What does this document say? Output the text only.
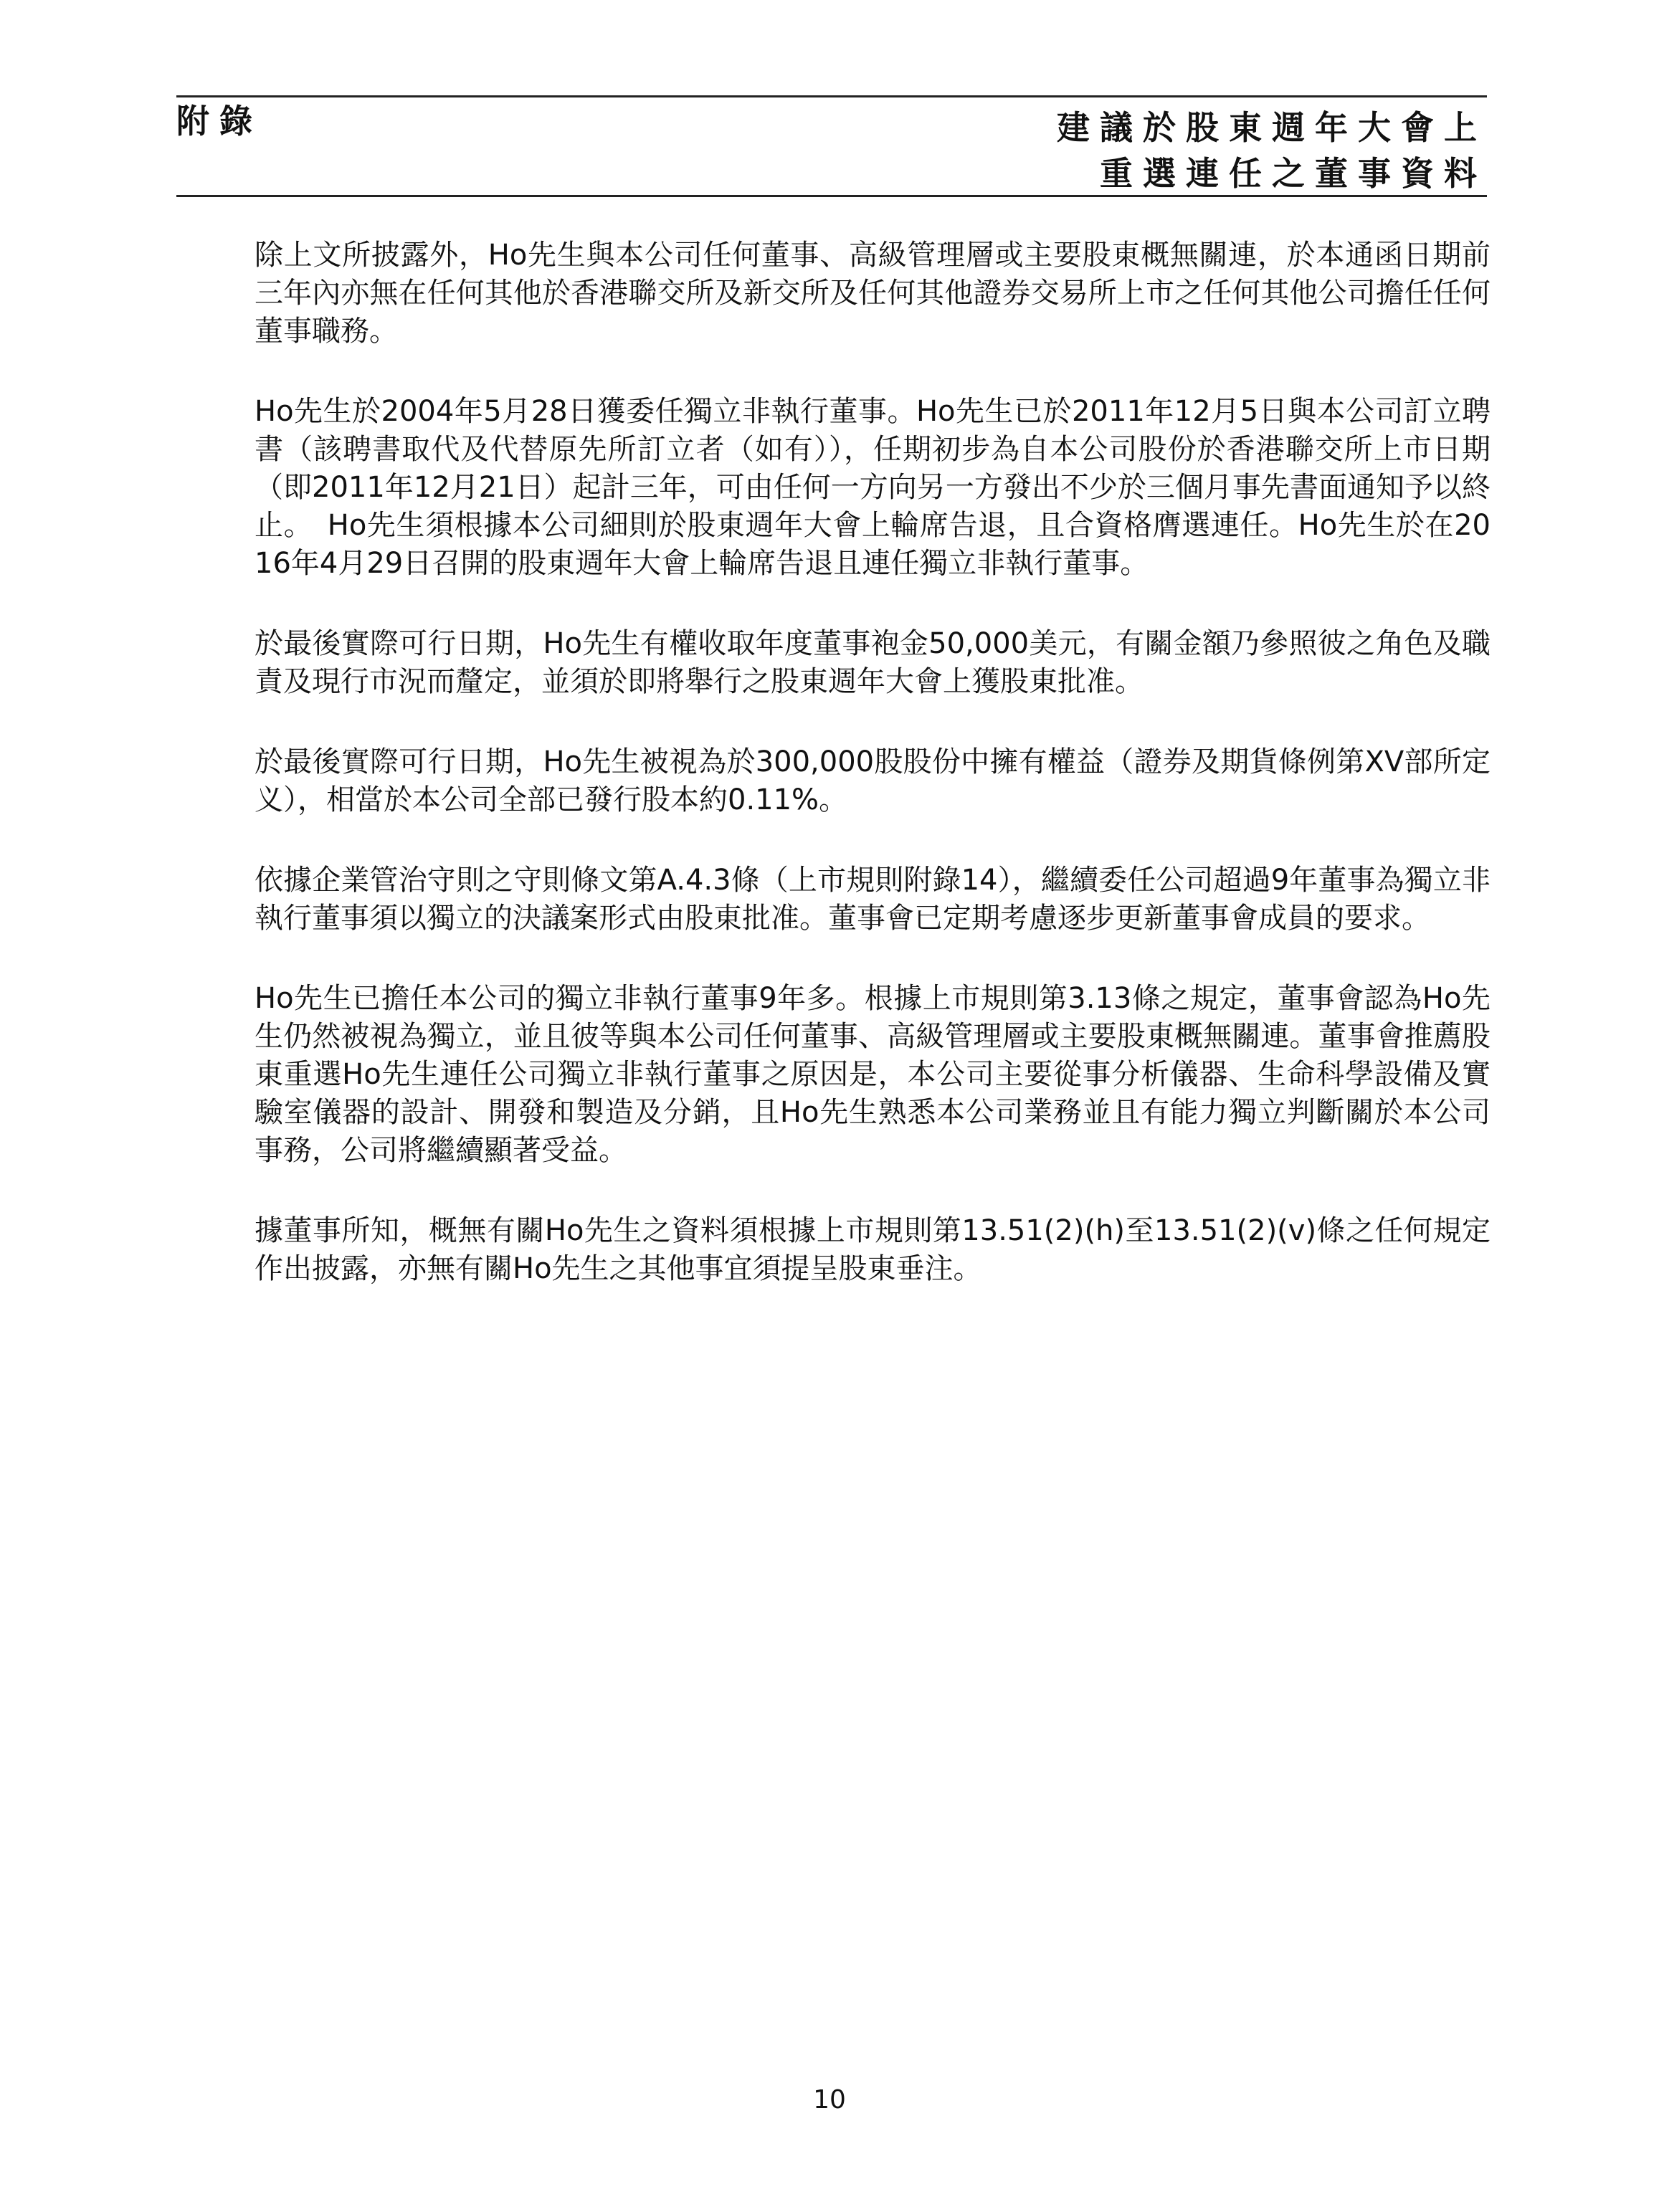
附錄	建議於股東週年大會上
重選連任之董事資料

除上文所披露外，Ho先生與本公司任何董事、高級管理層或主要股東概無關連，於本通函日期前三年內亦無在任何其他於香港聯交所及新交所及任何其他證券交易所上市之任何其他公司擔任任何董事職務。

Ho先生於2004年5月28日獲委任獨立非執行董事。Ho先生已於2011年12月5日與本公司訂立聘書（該聘書取代及代替原先所訂立者（如有）），任期初步為自本公司股份於香港聯交所上市日期（即2011年12月21日）起計三年，可由任何一方向另一方發出不少於三個月事先書面通知予以終止。　Ho先生須根據本公司細則於股東週年大會上輪席告退，且合資格膺選連任。Ho先生於在2016年4月29日召開的股東週年大會上輪席告退且連任獨立非執行董事。

於最後實際可行日期，Ho先生有權收取年度董事袍金50,000美元，有關金額乃參照彼之角色及職責及現行市況而釐定，並須於即將舉行之股東週年大會上獲股東批准。

於最後實際可行日期，Ho先生被視為於300,000股股份中擁有權益（證券及期貨條例第XV部所定义），相當於本公司全部已發行股本約0.11%。

依據企業管治守則之守則條文第A.4.3條（上市規則附錄14），繼續委任公司超過9年董事為獨立非執行董事須以獨立的決議案形式由股東批准。董事會已定期考慮逐步更新董事會成員的要求。

Ho先生已擔任本公司的獨立非執行董事9年多。根據上市規則第3.13條之規定，董事會認為Ho先生仍然被視為獨立，並且彼等與本公司任何董事、高級管理層或主要股東概無關連。董事會推薦股東重選Ho先生連任公司獨立非執行董事之原因是，本公司主要從事分析儀器、生命科學設備及實驗室儀器的設計、開發和製造及分銷，且Ho先生熟悉本公司業務並且有能力獨立判斷關於本公司事務，公司將繼續顯著受益。

據董事所知，概無有關Ho先生之資料須根據上市規則第13.51(2)(h)至13.51(2)(v)條之任何規定作出披露，亦無有關Ho先生之其他事宜須提呈股東垂注。

10
